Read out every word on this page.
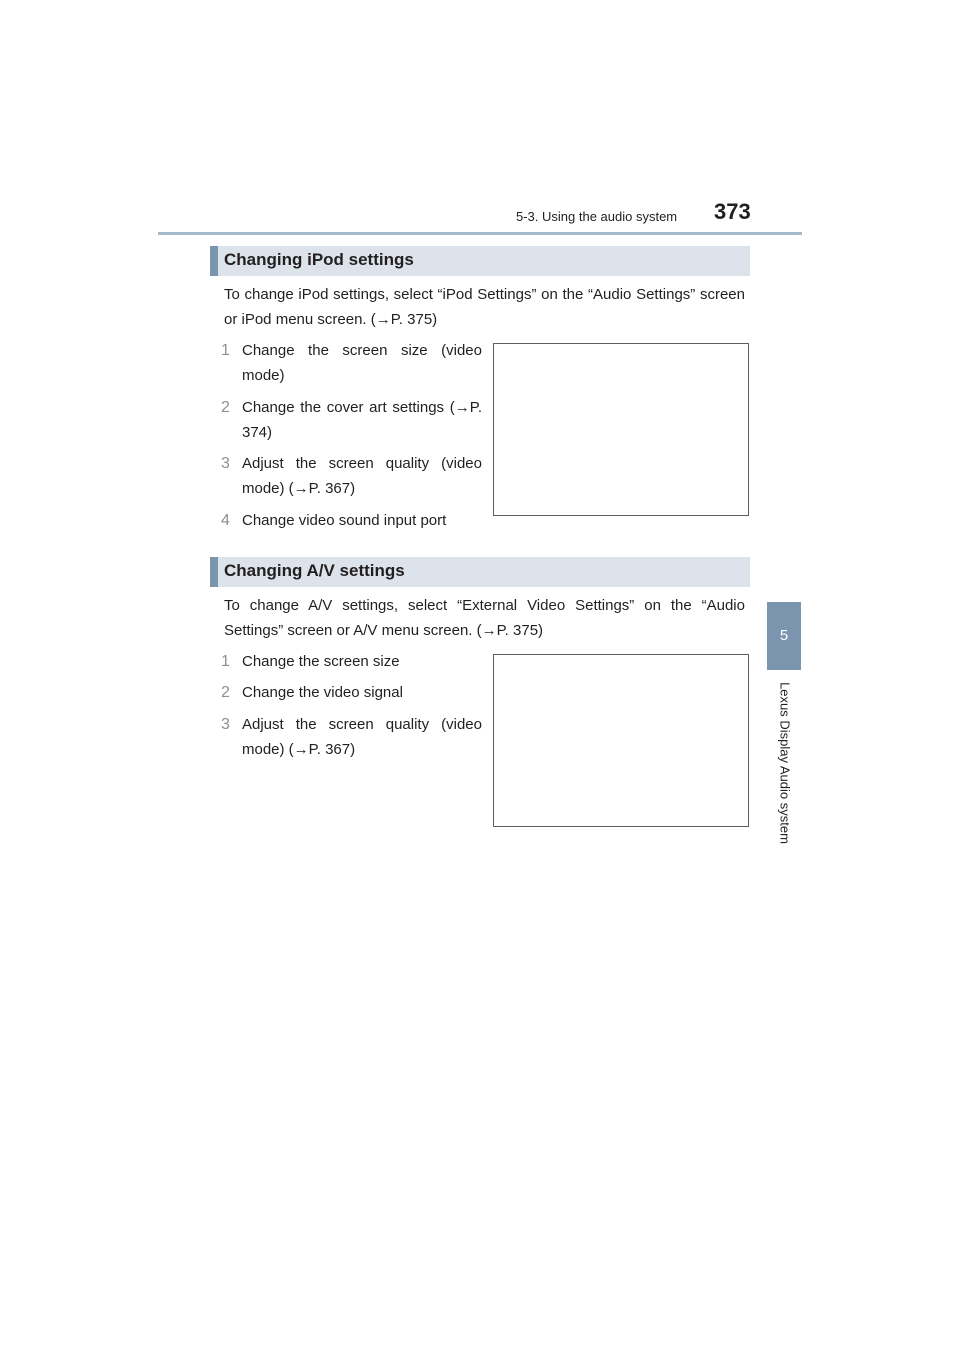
5-3. Using the audio system 373
5
Lexus Display Audio system
Changing iPod settings
To change iPod settings, select “iPod Settings” on the “Audio Settings” screen or iPod menu screen. (→P. 375)
1 Change the screen size (video mode)
2 Change the cover art settings (→P. 374)
3 Adjust the screen quality (video mode) (→P. 367)
4 Change video sound input port
Changing A/V settings
To change A/V settings, select “External Video Settings” on the “Audio Settings” screen or A/V menu screen. (→P. 375)
1 Change the screen size
2 Change the video signal
3 Adjust the screen quality (video mode) (→P. 367)
